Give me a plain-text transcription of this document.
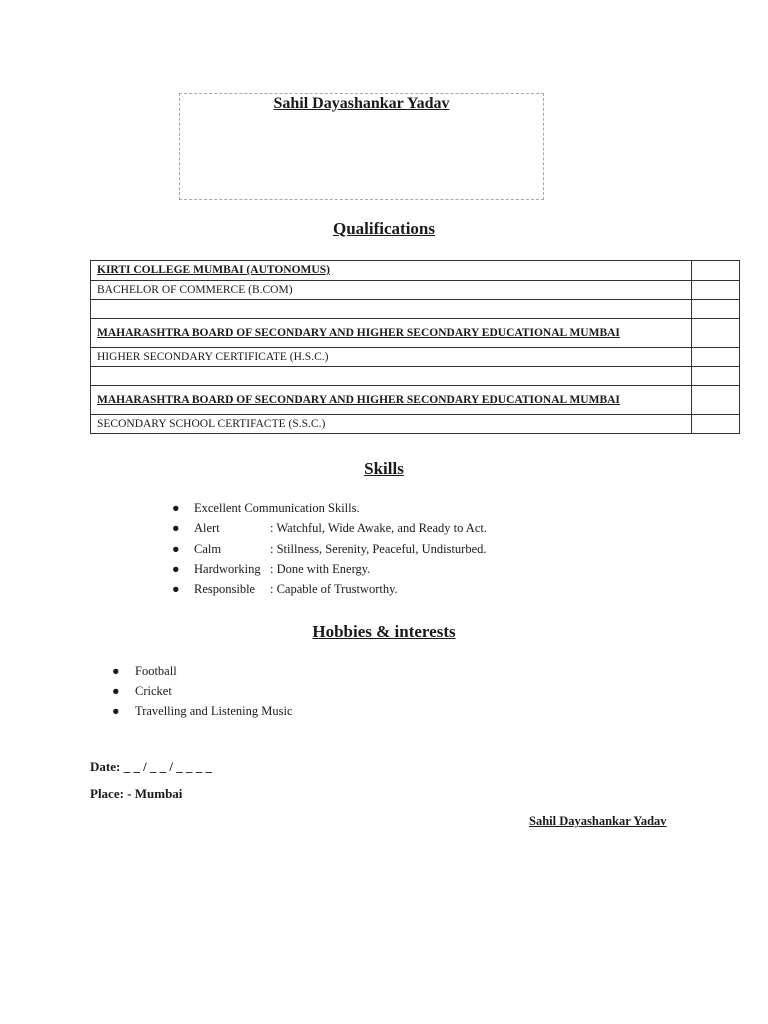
Sahil Dayashankar Yadav
Qualifications
KIRTI COLLEGE MUMBAI (AUTONOMUS)	
BACHELOR OF COMMERCE (B.COM)	

MAHARASHTRA BOARD OF SECONDARY AND HIGHER SECONDARY EDUCATIONAL MUMBAI	
HIGHER SECONDARY CERTIFICATE (H.S.C.)	

MAHARASHTRA BOARD OF SECONDARY AND HIGHER SECONDARY EDUCATIONAL MUMBAI	
SECONDARY SCHOOL CERTIFACTE (S.S.C.)	
Skills
● Excellent Communication Skills.
● Alert	: Watchful, Wide Awake, and Ready to Act.
● Calm	: Stillness, Serenity, Peaceful, Undisturbed.
● Hardworking : Done with Energy.
● Responsible : Capable of Trustworthy.
Hobbies & interests
● Football
● Cricket
● Travelling and Listening Music
Date: _ _ / _ _ / _ _ _ _
Place: - Mumbai
Sahil Dayashankar Yadav
